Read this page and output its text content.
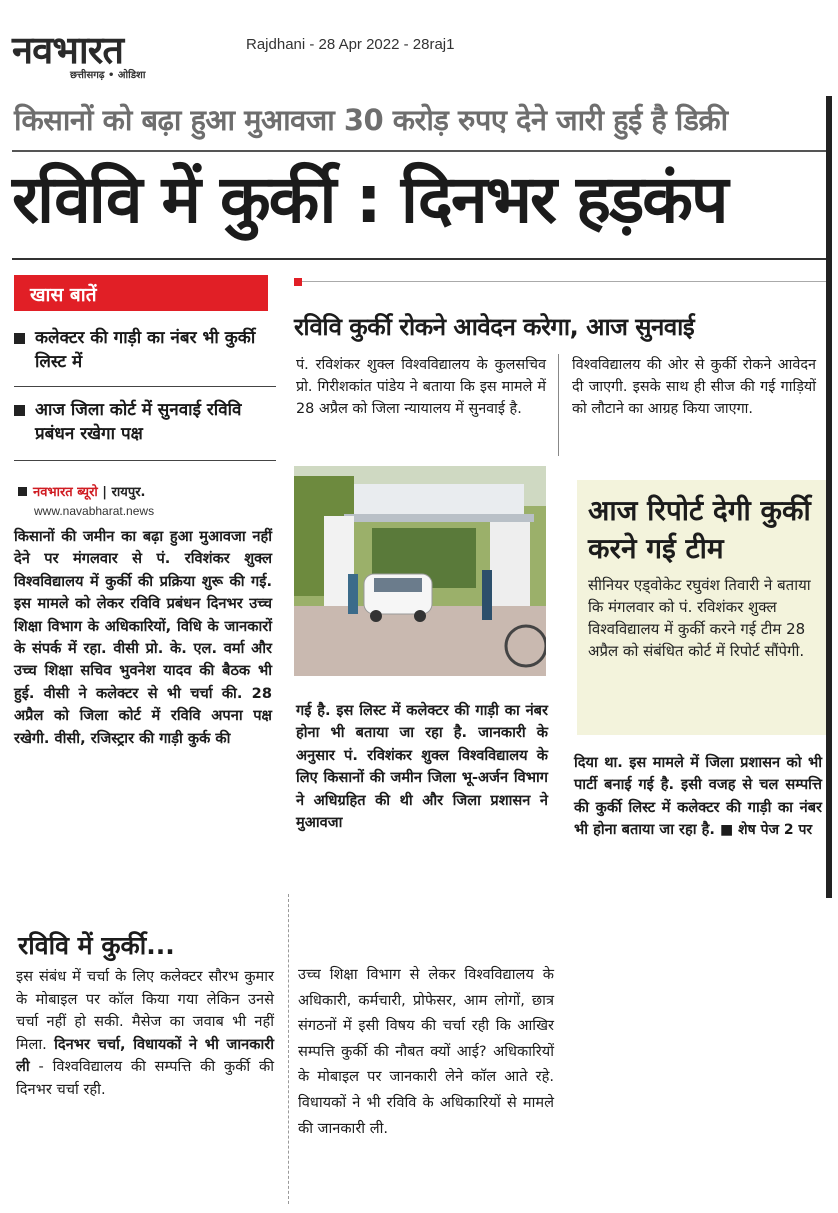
नवभारत
छत्तीसगढ़ • ओडिशा
Rajdhani - 28 Apr 2022 - 28raj1
किसानों को बढ़ा हुआ मुआवजा 30 करोड़ रुपए देने जारी हुई है डिक्री
रविवि में कुर्की : दिनभर हड़कंप
खास बातें
कलेक्टर की गाड़ी का नंबर भी कुर्की लिस्ट में
आज जिला कोर्ट में सुनवाई रविवि प्रबंधन रखेगा पक्ष
नवभारत ब्यूरो | रायपुर.
www.navabharat.news

किसानों की जमीन का बढ़ा हुआ मुआवजा नहीं देने पर मंगलवार से पं. रविशंकर शुक्ल विश्वविद्यालय में कुर्की की प्रक्रिया शुरू की गई. इस मामले को लेकर रविवि प्रबंधन दिनभर उच्च शिक्षा विभाग के अधिकारियों, विधि के जानकारों के संपर्क में रहा. वीसी प्रो. के. एल. वर्मा और उच्च शिक्षा सचिव भुवनेश यादव की बैठक भी हुई. वीसी ने कलेक्टर से भी चर्चा की. 28 अप्रैल को जिला कोर्ट में रविवि अपना पक्ष रखेगी. वीसी, रजिस्ट्रार की गाड़ी कुर्क की

रविवि कुर्की रोकने आवेदन करेगा, आज सुनवाई

पं. रविशंकर शुक्ल विश्वविद्यालय के कुलसचिव प्रो. गिरीशकांत पांडेय ने बताया कि इस मामले में 28 अप्रैल को जिला न्यायालय में सुनवाई है.

विश्वविद्यालय की ओर से कुर्की रोकने आवेदन दी जाएगी. इसके साथ ही सीज की गई गाड़ियों को लौटाने का आग्रह किया जाएगा.

गई है. इस लिस्ट में कलेक्टर की गाड़ी का नंबर होना भी बताया जा रहा है. जानकारी के अनुसार पं. रविशंकर शुक्ल विश्वविद्यालय के लिए किसानों की जमीन जिला भू-अर्जन विभाग ने अधिग्रहित की थी और जिला प्रशासन ने मुआवजा

आज रिपोर्ट देगी कुर्की करने गई टीम
सीनियर एड्वोकेट रघुवंश तिवारी ने बताया कि मंगलवार को पं. रविशंकर शुक्ल विश्वविद्यालय में कुर्की करने गई टीम 28 अप्रैल को संबंधित कोर्ट में रिपोर्ट सौंपेगी.

दिया था. इस मामले में जिला प्रशासन को भी पार्टी बनाई गई है. इसी वजह से चल सम्पत्ति की कुर्की लिस्ट में कलेक्टर की गाड़ी का नंबर भी होना बताया जा रहा है. ■ शेष पेज 2 पर

रविवि में कुर्की...

इस संबंध में चर्चा के लिए कलेक्टर सौरभ कुमार के मोबाइल पर कॉल किया गया लेकिन उनसे चर्चा नहीं हो सकी. मैसेज का जवाब भी नहीं मिला. दिनभर चर्चा, विधायकों ने भी जानकारी ली - विश्वविद्यालय की सम्पत्ति की कुर्की की दिनभर चर्चा रही.

उच्च शिक्षा विभाग से लेकर विश्वविद्यालय के अधिकारी, कर्मचारी, प्रोफेसर, आम लोगों, छात्र संगठनों में इसी विषय की चर्चा रही कि आखिर सम्पत्ति कुर्की की नौबत क्यों आई? अधिकारियों के मोबाइल पर जानकारी लेने कॉल आते रहे. विधायकों ने भी रविवि के अधिकारियों से मामले की जानकारी ली.
